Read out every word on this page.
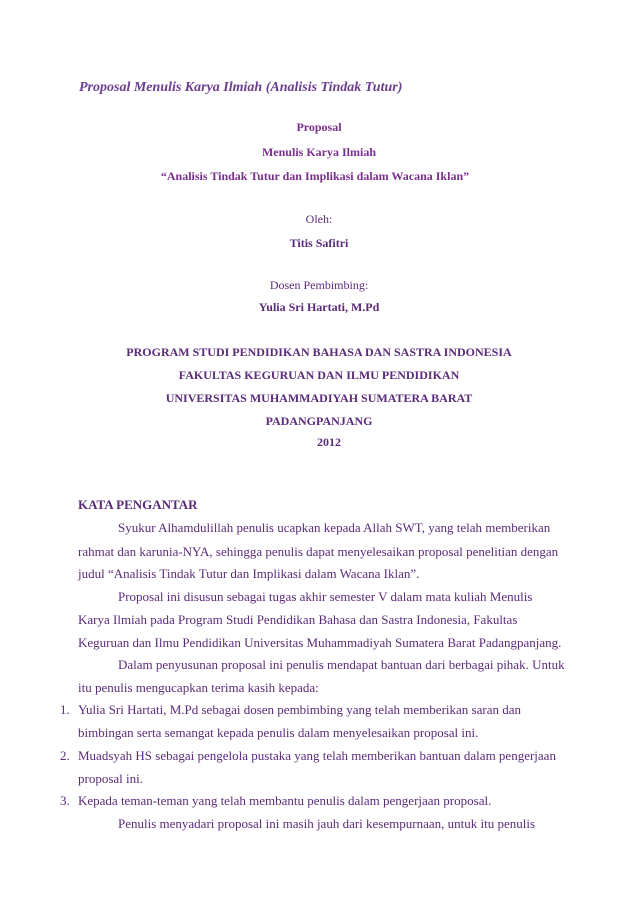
Proposal Menulis Karya Ilmiah (Analisis Tindak Tutur)
Proposal
Menulis Karya Ilmiah
“Analisis Tindak Tutur dan Implikasi dalam Wacana Iklan”
Oleh:
Titis Safitri
Dosen Pembimbing:
Yulia Sri Hartati, M.Pd
PROGRAM STUDI PENDIDIKAN BAHASA DAN SASTRA INDONESIA
FAKULTAS KEGURUAN DAN ILMU PENDIDIKAN
UNIVERSITAS MUHAMMADIYAH SUMATERA BARAT
PADANGPANJANG
2012
KATA PENGANTAR
Syukur Alhamdulillah penulis ucapkan kepada Allah SWT, yang telah memberikan
rahmat dan karunia-NYA, sehingga penulis dapat menyelesaikan proposal penelitian dengan
judul “Analisis Tindak Tutur dan Implikasi dalam Wacana Iklan”.
Proposal ini disusun sebagai tugas akhir semester V dalam mata kuliah Menulis
Karya Ilmiah pada Program Studi Pendidikan Bahasa dan Sastra Indonesia, Fakultas
Keguruan dan Ilmu Pendidikan Universitas Muhammadiyah Sumatera Barat Padangpanjang.
Dalam penyusunan proposal ini penulis mendapat bantuan dari berbagai pihak. Untuk
itu penulis mengucapkan terima kasih kepada:
1. Yulia Sri Hartati, M.Pd sebagai dosen pembimbing yang telah memberikan saran dan
bimbingan serta semangat kepada penulis dalam menyelesaikan proposal ini.
2. Muadsyah HS sebagai pengelola pustaka yang telah memberikan bantuan dalam pengerjaan
proposal ini.
3. Kepada teman-teman yang telah membantu penulis dalam pengerjaan proposal.
Penulis menyadari proposal ini masih jauh dari kesempurnaan, untuk itu penulis
